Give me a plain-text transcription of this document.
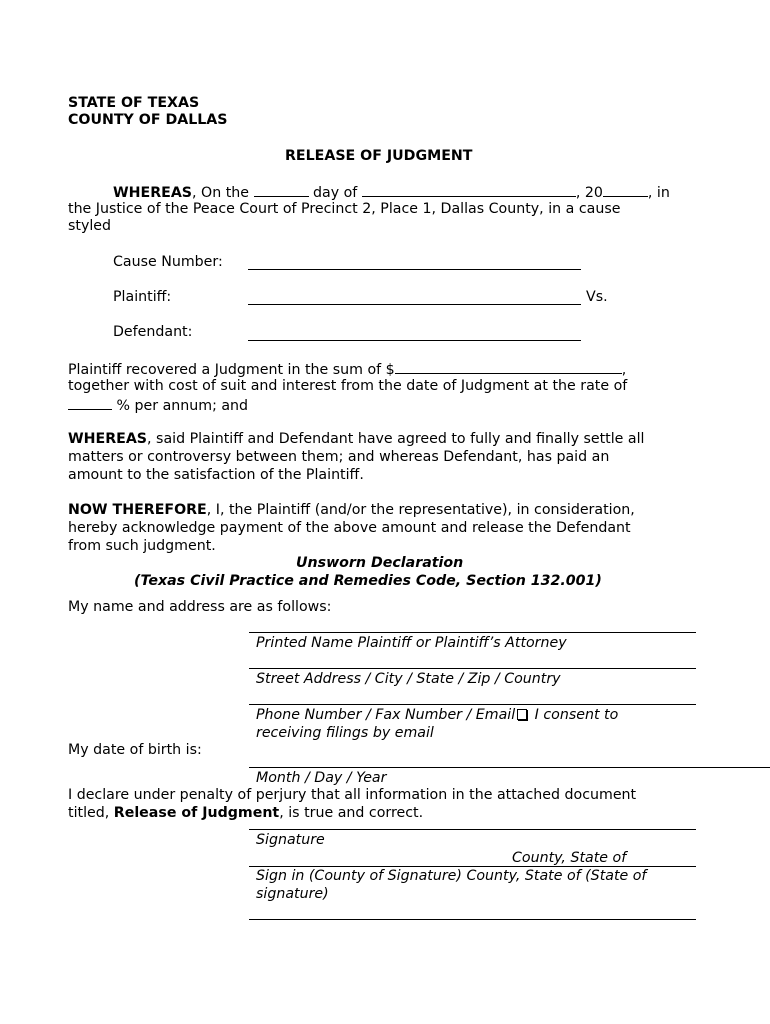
STATE OF TEXAS
COUNTY OF DALLAS
RELEASE OF JUDGMENT
WHEREAS, On the	day of	, 20	, in
the Justice of the Peace Court of Precinct 2, Place 1, Dallas County, in a cause
styled
Cause Number:
Plaintiff:	Vs.
Defendant:
Plaintiff recovered a Judgment in the sum of $	,
together with cost of suit and interest from the date of Judgment at the rate of
% per annum; and
WHEREAS, said Plaintiff and Defendant have agreed to fully and finally settle all
matters or controversy between them; and whereas Defendant, has paid an
amount to the satisfaction of the Plaintiff.
NOW THEREFORE, I, the Plaintiff (and/or the representative), in consideration,
hereby acknowledge payment of the above amount and release the Defendant
from such judgment.
Unsworn Declaration
(Texas Civil Practice and Remedies Code, Section 132.001)
My name and address are as follows:
Printed Name Plaintiff or Plaintiff’s Attorney
Street Address / City / State / Zip / Country
Phone Number / Fax Number / Email I consent to
receiving filings by email
My date of birth is:
Month / Day / Year
I declare under penalty of perjury that all information in the attached document
titled, Release of Judgment, is true and correct.
Signature
County, State of
Sign in (County of Signature) County, State of (State of
signature)
